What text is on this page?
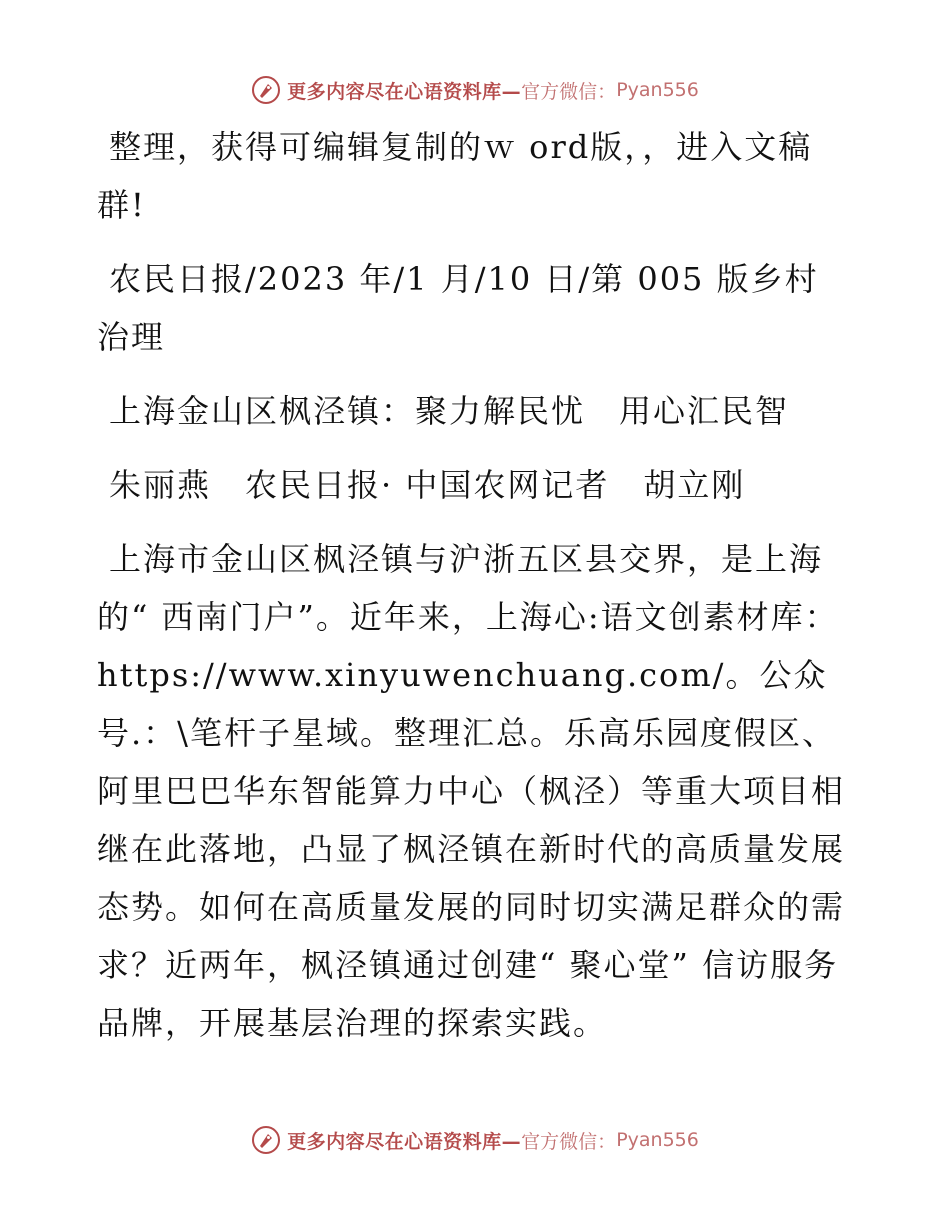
更多内容尽在心语资料库— 官方微信： Pyan556

整理，获得可编辑复制的ｗ ord版，，进入文稿群!

农民日报/2023 年/1 月/10 日/第 005 版乡村治理

上海金山区枫泾镇：聚力解民忧　用心汇民智

朱丽燕　农民日报· 中国农网记者　胡立刚

上海市金山区枫泾镇与沪浙五区县交界，是上海的“ 西南门户”。近年来，上海心:语文创素材库：https://www.xinyuwenchuang.com/。公众号.：\笔杆子星域。整理汇总。乐高乐园度假区、阿里巴巴华东智能算力中心（枫泾）等重大项目相继在此落地，凸显了枫泾镇在新时代的高质量发展态势。如何在高质量发展的同时切实满足群众的需求？近两年，枫泾镇通过创建“ 聚心堂” 信访服务品牌，开展基层治理的探索实践。

更多内容尽在心语资料库— 官方微信： Pyan556
